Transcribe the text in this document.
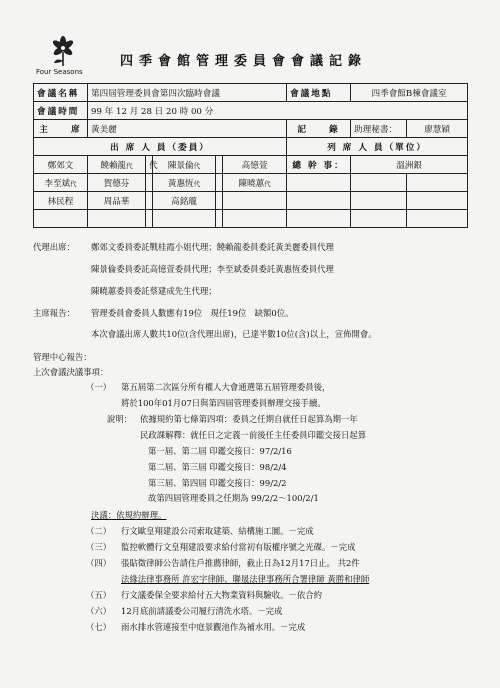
Four Seasons
四季會館管理委員會會議記錄
會議名稱	第四屆管理委員會第四次臨時會議					會議地點	四季會館B棟會議室	
會議時間	99 年 12 月 28 日 20 時 00 分							
主　　席	黃美麗					記　　錄	助理秘書：	廖慧穎
出 席 人 員（委員）						列 席 人 員（單位）		
鄭郊文	饒賴龍代	代	陳景倫代		高憶萱	總 幹 事：	溫洲銀	
李至斌代	賀德芬		黃惠恆代		陳曉蕙代			
林民程	周品華		高銘瓏					

代理出席： 鄭郊文委員委託戰桂霞小姐代理；饒賴龍委員委託黃美麗委員代理
陳景倫委員委託高憶萱委員代理；李至斌委員委託黃惠恆委員代理
陳曉蕙委員委託蔡建成先生代理；
主席報告： 管理委員會委員人數應有19位　現任19位　缺額0位。
本次會議出席人數共10位(含代理出席)，已達半數10位(含)以上，宣佈開會。
管理中心報告：
上次會議決議事項：
（一） 第五屆第二次區分所有權人大會通選第五屆管理委員後，
將於100年01月07日與第四屆管理委員辦理交接手續。
說明： 依據規約第七條第四項：委員之任期自就任日起算為期一年
民政課解釋：就任日之定義一前後任主任委員印鑑交接日起算
第一屆、第二屆 印鑑交接日：97/2/16
第二屆、第三屆 印鑑交接日：98/2/4
第三屆、第四屆 印鑑交接日：99/2/2
故第四屆管理委員之任期為 99/2/2～100/2/1
決議：依規約辦理。
（二） 行文歐皇翔建設公司索取建築、結構施工圖。－完成
（三） 監控軟體行文皇翔建設要求給付當初有版權序號之光碟。－完成
（四） 張貼徵律師公告請住戶推薦律師，截止日為12月17日止。 共2件
法緣法律事務所 許宏宇律師、聯晟法律事務所合署律師 黃勝和律師
（五） 行文議委保全要求給付五大物業資料與驗收。－依合約
（六） 12月底前請議委公司履行清洗水塔。－完成
（七） 雨水排水管連接至中庭景觀池作為補水用。－完成
